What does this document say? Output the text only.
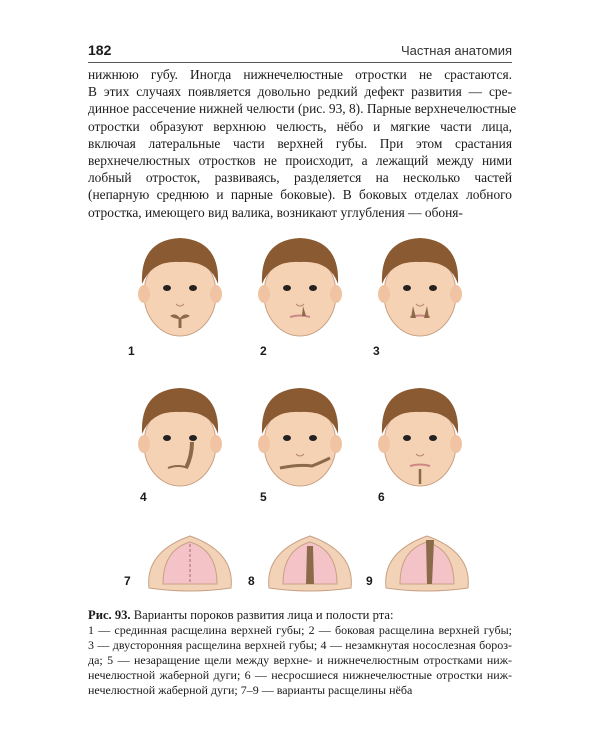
182	Частная анатомия
нижнюю губу. Иногда нижнечелюстные отростки не срастаются.
В этих случаях появляется довольно редкий дефект развития — сре-
динное рассечение нижней челюсти (рис. 93, 8). Парные верхнечелюстные
отростки образуют верхнюю челюсть, нёбо и мягкие части лица,
включая латеральные части верхней губы. При этом срастания
верхнечелюстных отростков не происходит, а лежащий между ними
лобный отросток, развиваясь, разделяется на несколько частей
(непарную среднюю и парные боковые). В боковых отделах лобного
отростка, имеющего вид валика, возникают углубления — обоня-
1	2	3
4	5	6
7	8	9
Рис. 93. Варианты пороков развития лица и полости рта:
1 — срединная расщелина верхней губы; 2 — боковая расщелина верхней губы;
3 — двусторонняя расщелина верхней губы; 4 — незамкнутая носослезная бороз-
да; 5 — незаращение щели между верхне- и нижнечелюстным отростками ниж-
нечелюстной жаберной дуги; 6 — несросшиеся нижнечелюстные отростки ниж-
нечелюстной жаберной дуги; 7–9 — варианты расщелины нёба
